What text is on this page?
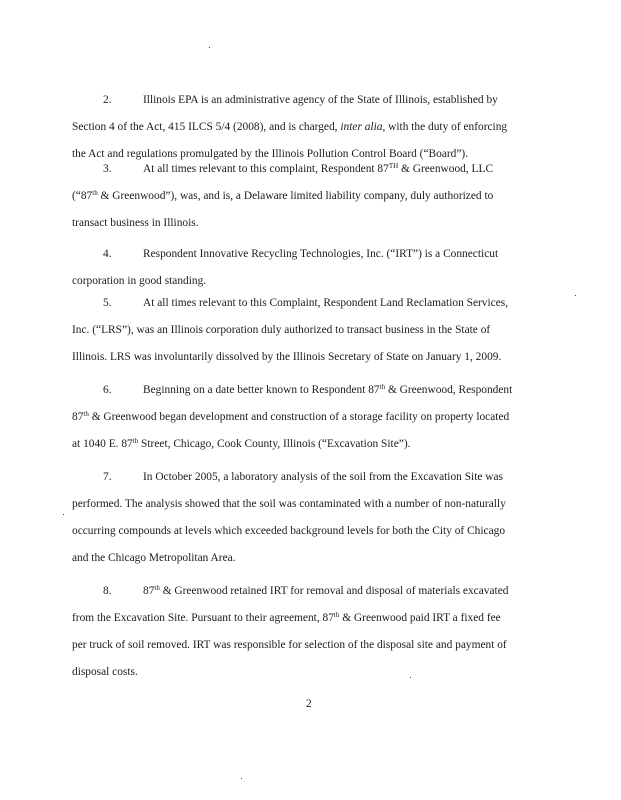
2.	Illinois EPA is an administrative agency of the State of Illinois, established by
Section 4 of the Act, 415 ILCS 5/4 (2008), and is charged, inter alia, with the duty of enforcing
the Act and regulations promulgated by the Illinois Pollution Control Board (“Board”).
3.	At all times relevant to this complaint, Respondent 87TH & Greenwood, LLC
(“87th & Greenwood”), was, and is, a Delaware limited liability company, duly authorized to
transact business in Illinois.
4.	Respondent Innovative Recycling Technologies, Inc. (“IRT”) is a Connecticut
corporation in good standing.
5.	At all times relevant to this Complaint, Respondent Land Reclamation Services,
Inc. (“LRS”), was an Illinois corporation duly authorized to transact business in the State of
Illinois. LRS was involuntarily dissolved by the Illinois Secretary of State on January 1, 2009.
6.	Beginning on a date better known to Respondent 87th & Greenwood, Respondent
87th & Greenwood began development and construction of a storage facility on property located
at 1040 E. 87th Street, Chicago, Cook County, Illinois (“Excavation Site”).
7.	In October 2005, a laboratory analysis of the soil from the Excavation Site was
performed. The analysis showed that the soil was contaminated with a number of non-naturally
occurring compounds at levels which exceeded background levels for both the City of Chicago
and the Chicago Metropolitan Area.
8.	87th & Greenwood retained IRT for removal and disposal of materials excavated
from the Excavation Site. Pursuant to their agreement, 87th & Greenwood paid IRT a fixed fee
per truck of soil removed. IRT was responsible for selection of the disposal site and payment of
disposal costs.
2
